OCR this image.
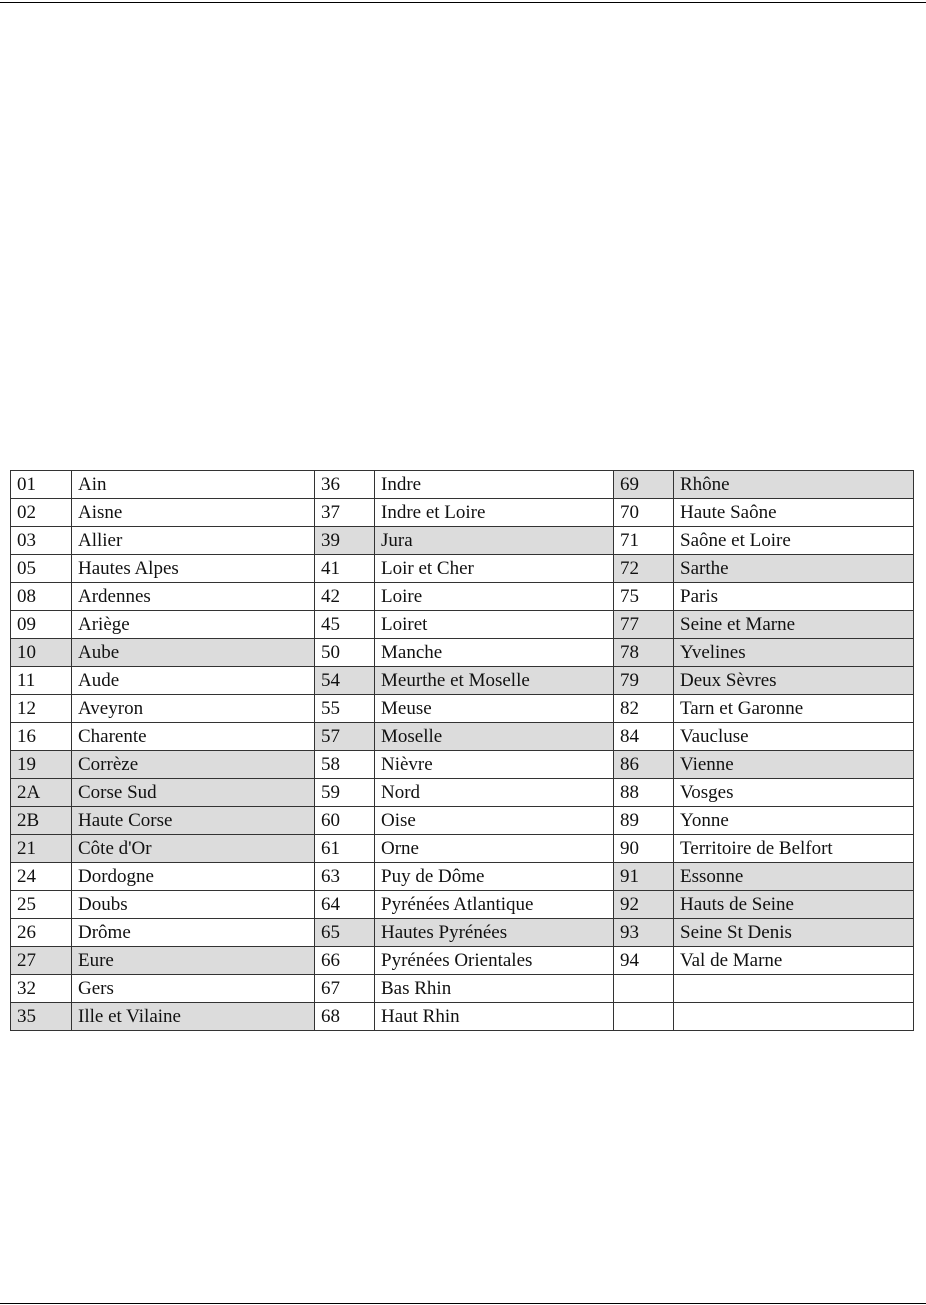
01	Ain	36	Indre	69	Rhône
02	Aisne	37	Indre et Loire	70	Haute Saône
03	Allier	39	Jura	71	Saône et Loire
05	Hautes Alpes	41	Loir et Cher	72	Sarthe
08	Ardennes	42	Loire	75	Paris
09	Ariège	45	Loiret	77	Seine et Marne
10	Aube	50	Manche	78	Yvelines
11	Aude	54	Meurthe et Moselle	79	Deux Sèvres
12	Aveyron	55	Meuse	82	Tarn et Garonne
16	Charente	57	Moselle	84	Vaucluse
19	Corrèze	58	Nièvre	86	Vienne
2A	Corse Sud	59	Nord	88	Vosges
2B	Haute Corse	60	Oise	89	Yonne
21	Côte d'Or	61	Orne	90	Territoire de Belfort
24	Dordogne	63	Puy de Dôme	91	Essonne
25	Doubs	64	Pyrénées Atlantique	92	Hauts de Seine
26	Drôme	65	Hautes Pyrénées	93	Seine St Denis
27	Eure	66	Pyrénées Orientales	94	Val de Marne
32	Gers	67	Bas Rhin		
35	Ille et Vilaine	68	Haut Rhin		
